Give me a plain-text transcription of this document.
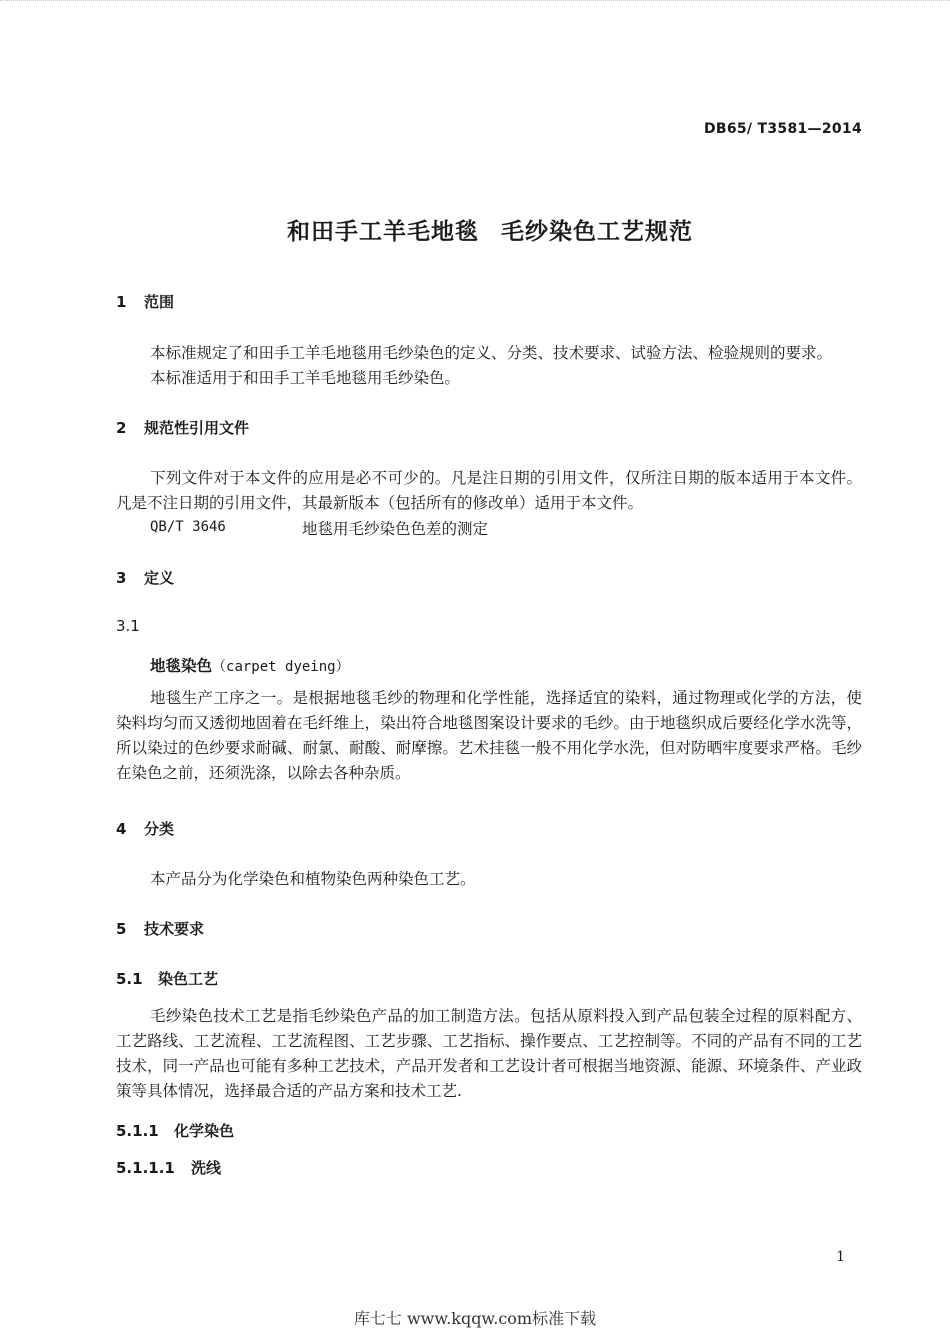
DB65/ T3581—2014
和田手工羊毛地毯 毛纱染色工艺规范
1 范围
本标准规定了和田手工羊毛地毯用毛纱染色的定义、分类、技术要求、试验方法、检验规则的要求。
本标准适用于和田手工羊毛地毯用毛纱染色。
2 规范性引用文件
下列文件对于本文件的应用是必不可少的。凡是注日期的引用文件，仅所注日期的版本适用于本文件。凡是不注日期的引用文件，其最新版本（包括所有的修改单）适用于本文件。
QB/T 3646	地毯用毛纱染色色差的测定
3 定义
3.1
地毯染色（carpet dyeing）
地毯生产工序之一。是根据地毯毛纱的物理和化学性能，选择适宜的染料，通过物理或化学的方法，使染料均匀而又透彻地固着在毛纤维上，染出符合地毯图案设计要求的毛纱。由于地毯织成后要经化学水洗等，所以染过的色纱要求耐碱、耐氯、耐酸、耐摩擦。艺术挂毯一般不用化学水洗，但对防晒牢度要求严格。毛纱在染色之前，还须洗涤，以除去各种杂质。
4 分类
本产品分为化学染色和植物染色两种染色工艺。
5 技术要求
5.1 染色工艺
毛纱染色技术工艺是指毛纱染色产品的加工制造方法。包括从原料投入到产品包装全过程的原料配方、工艺路线、工艺流程、工艺流程图、工艺步骤、工艺指标、操作要点、工艺控制等。不同的产品有不同的工艺技术，同一产品也可能有多种工艺技术，产品开发者和工艺设计者可根据当地资源、能源、环境条件、产业政策等具体情况，选择最合适的产品方案和技术工艺.
5.1.1 化学染色
5.1.1.1 洗线
1
库七七 www.kqqw.com标准下载
